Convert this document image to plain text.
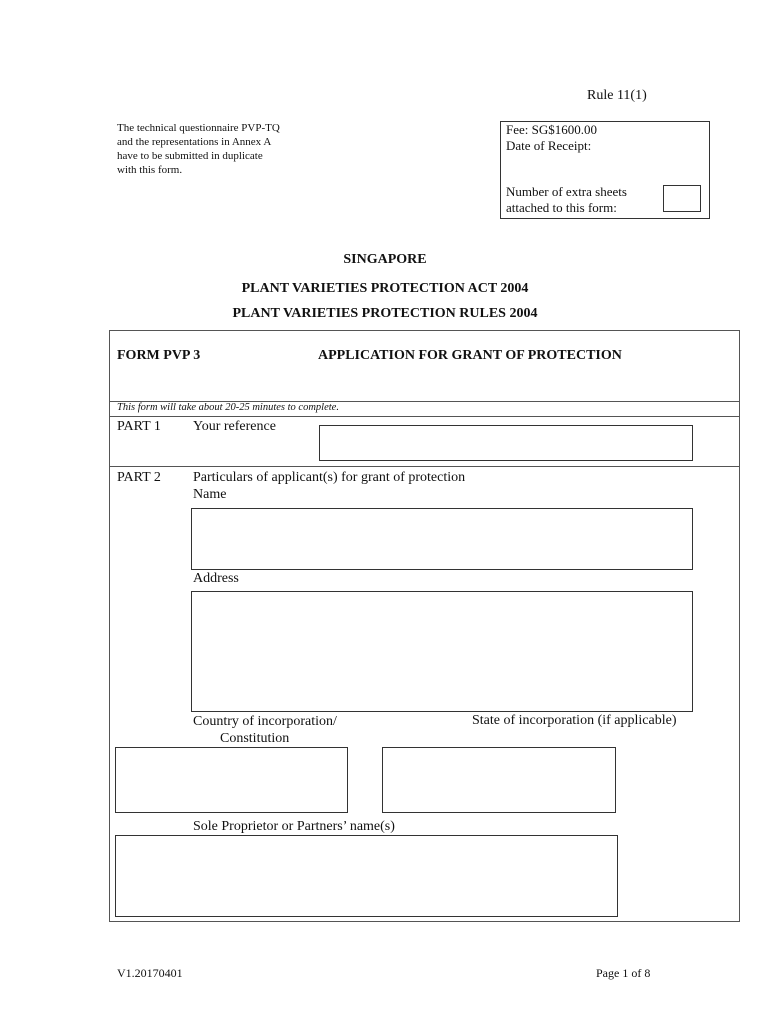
Rule 11(1)
The technical questionnaire PVP-TQ
and the representations in Annex A
have to be submitted in duplicate
with this form.
Fee: SG$1600.00
Date of Receipt:
Number of extra sheets
attached to this form:
SINGAPORE
PLANT VARIETIES PROTECTION ACT 2004
PLANT VARIETIES PROTECTION RULES 2004
FORM PVP 3	APPLICATION FOR GRANT OF PROTECTION
This form will take about 20-25 minutes to complete.
PART 1 Your reference
PART 2 Particulars of applicant(s) for grant of protection
Name
Address
Country of incorporation/
Constitution
State of incorporation (if applicable)
Sole Proprietor or Partners’ name(s)
V1.20170401	Page 1 of 8
